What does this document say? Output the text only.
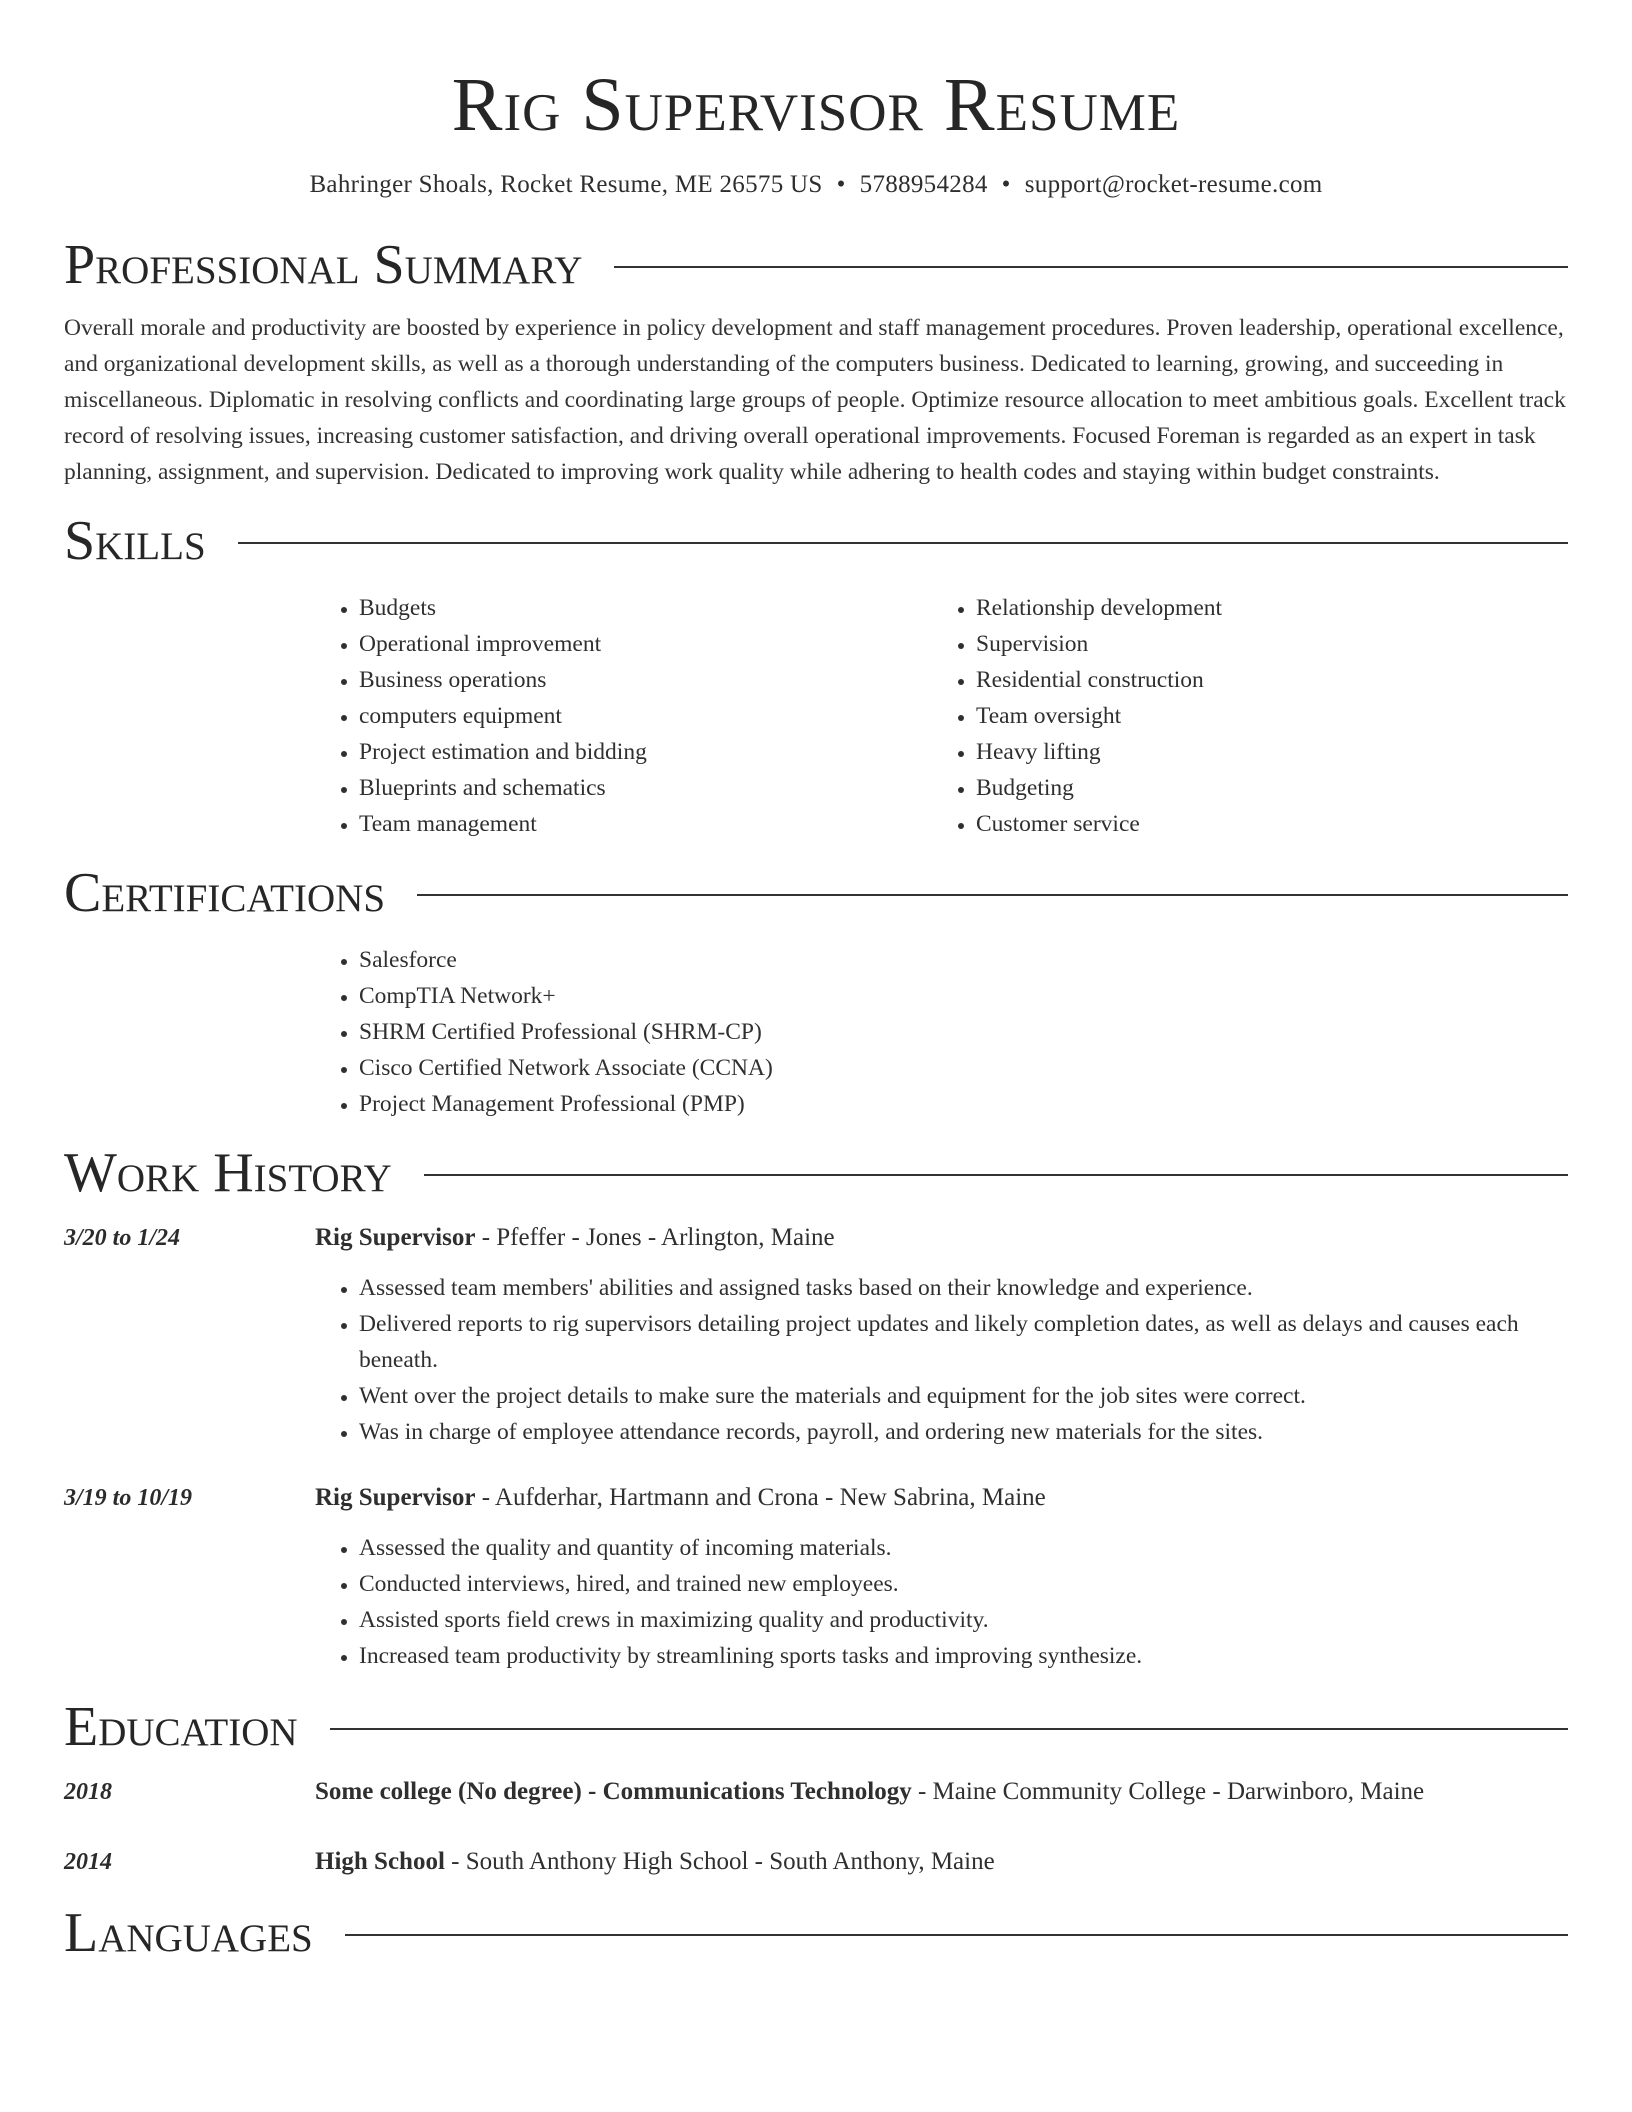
Rig Supervisor Resume
Bahringer Shoals, Rocket Resume, ME 26575 US • 5788954284 • support@rocket-resume.com
Professional Summary

Overall morale and productivity are boosted by experience in policy development and staff management procedures. Proven leadership, operational excellence, and organizational development skills, as well as a thorough understanding of the computers business. Dedicated to learning, growing, and succeeding in miscellaneous. Diplomatic in resolving conflicts and coordinating large groups of people. Optimize resource allocation to meet ambitious goals. Excellent track record of resolving issues, increasing customer satisfaction, and driving overall operational improvements. Focused Foreman is regarded as an expert in task planning, assignment, and supervision. Dedicated to improving work quality while adhering to health codes and staying within budget constraints.

Skills
• Budgets
• Operational improvement
• Business operations
• computers equipment
• Project estimation and bidding
• Blueprints and schematics
• Team management
• Relationship development
• Supervision
• Residential construction
• Team oversight
• Heavy lifting
• Budgeting
• Customer service
Certifications
• Salesforce
• CompTIA Network+
• SHRM Certified Professional (SHRM-CP)
• Cisco Certified Network Associate (CCNA)
• Project Management Professional (PMP)
Work History
3/20 to 1/24	Rig Supervisor - Pfeffer - Jones - Arlington, Maine
• Assessed team members' abilities and assigned tasks based on their knowledge and experience.
• Delivered reports to rig supervisors detailing project updates and likely completion dates, as well as delays and causes each beneath.
• Went over the project details to make sure the materials and equipment for the job sites were correct.
• Was in charge of employee attendance records, payroll, and ordering new materials for the sites.
3/19 to 10/19	Rig Supervisor - Aufderhar, Hartmann and Crona - New Sabrina, Maine
• Assessed the quality and quantity of incoming materials.
• Conducted interviews, hired, and trained new employees.
• Assisted sports field crews in maximizing quality and productivity.
• Increased team productivity by streamlining sports tasks and improving synthesize.
Education
2018	Some college (No degree) - Communications Technology - Maine Community College - Darwinboro, Maine
2014	High School - South Anthony High School - South Anthony, Maine
Languages
